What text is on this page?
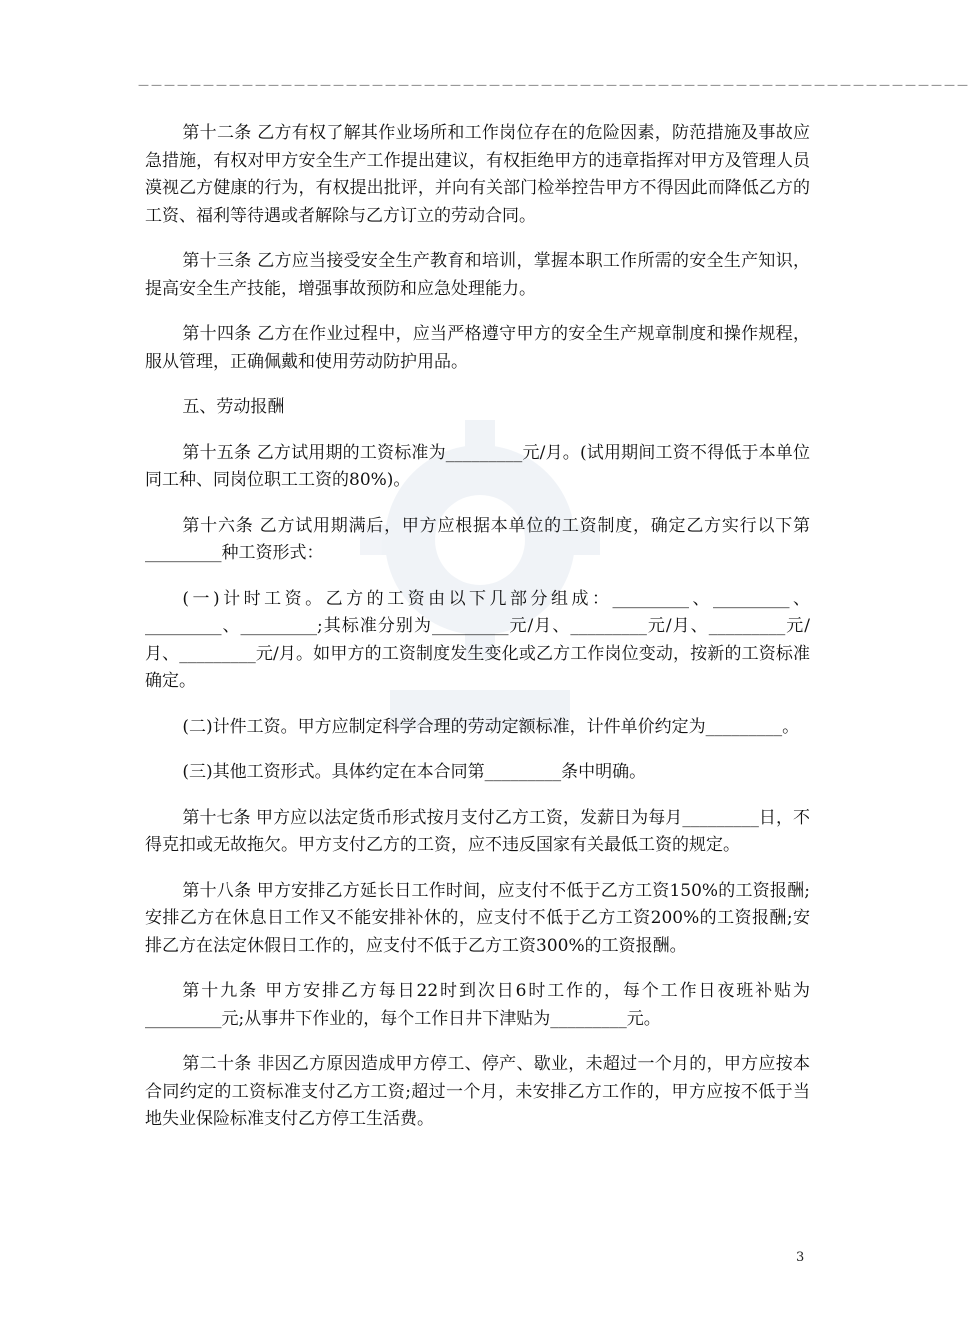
－－－－－－－－－－－－－－－－－－－－－－－－－－－－－－－－－－－－－－－－－－－－－－－－－－－－－－－－－－－－－－－－

第十二条 乙方有权了解其作业场所和工作岗位存在的危险因素，防范措施及事故应急措施，有权对甲方安全生产工作提出建议，有权拒绝甲方的违章指挥对甲方及管理人员漠视乙方健康的行为，有权提出批评，并向有关部门检举控告甲方不得因此而降低乙方的工资、福利等待遇或者解除与乙方订立的劳动合同。

第十三条 乙方应当接受安全生产教育和培训，掌握本职工作所需的安全生产知识，提高安全生产技能，增强事故预防和应急处理能力。

第十四条 乙方在作业过程中，应当严格遵守甲方的安全生产规章制度和操作规程，服从管理，正确佩戴和使用劳动防护用品。

五、劳动报酬

第十五条 乙方试用期的工资标准为_________元/月。(试用期间工资不得低于本单位同工种、同岗位职工工资的80%)。

第十六条 乙方试用期满后，甲方应根据本单位的工资制度，确定乙方实行以下第_________种工资形式：

(一)计时工资。乙方的工资由以下几部分组成：_________、_________、_________、_________;其标准分别为_________元/月、_________元/月、_________元/月、_________元/月。如甲方的工资制度发生变化或乙方工作岗位变动，按新的工资标准确定。

(二)计件工资。甲方应制定科学合理的劳动定额标准，计件单价约定为_________。

(三)其他工资形式。具体约定在本合同第_________条中明确。

第十七条 甲方应以法定货币形式按月支付乙方工资，发薪日为每月_________日，不得克扣或无故拖欠。甲方支付乙方的工资，应不违反国家有关最低工资的规定。

第十八条 甲方安排乙方延长日工作时间，应支付不低于乙方工资150%的工资报酬;安排乙方在休息日工作又不能安排补休的，应支付不低于乙方工资200%的工资报酬;安排乙方在法定休假日工作的，应支付不低于乙方工资300%的工资报酬。

第十九条 甲方安排乙方每日22时到次日6时工作的，每个工作日夜班补贴为_________元;从事井下作业的，每个工作日井下津贴为_________元。

第二十条 非因乙方原因造成甲方停工、停产、歇业，未超过一个月的，甲方应按本合同约定的工资标准支付乙方工资;超过一个月，未安排乙方工作的，甲方应按不低于当地失业保险标准支付乙方停工生活费。

3
